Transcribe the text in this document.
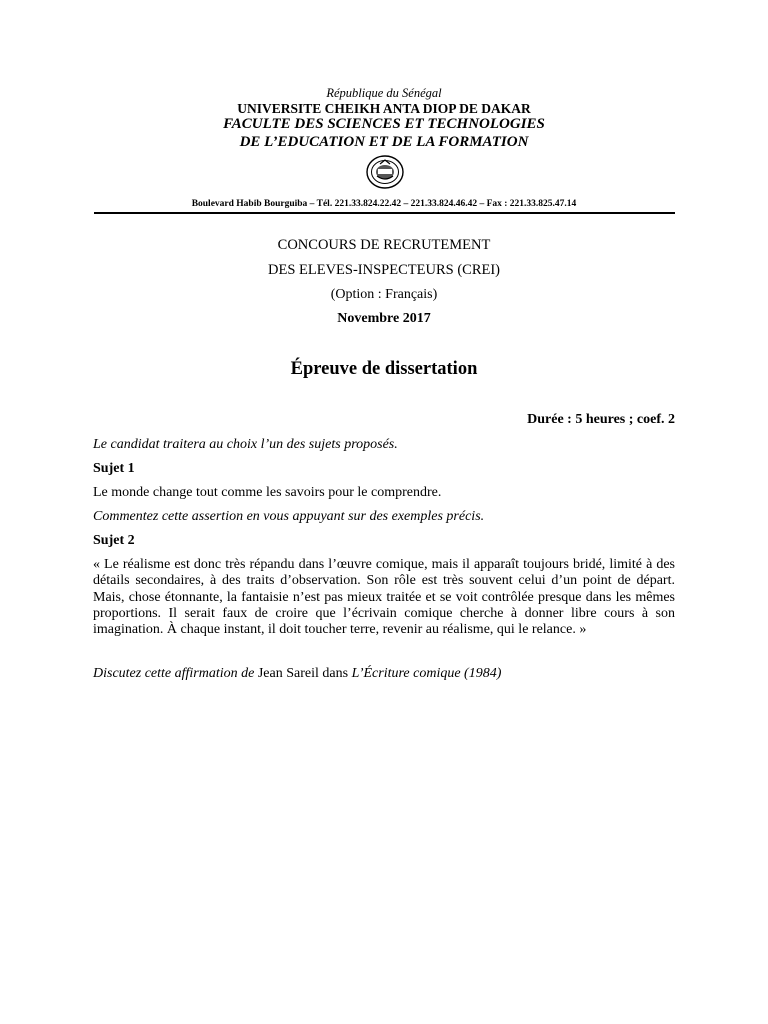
République du Sénégal
UNIVERSITE CHEIKH ANTA DIOP DE DAKAR
FACULTE DES SCIENCES ET TECHNOLOGIES
DE L’EDUCATION ET DE LA FORMATION
Boulevard Habib Bourguiba – Tél. 221.33.824.22.42 – 221.33.824.46.42 – Fax : 221.33.825.47.14
CONCOURS DE RECRUTEMENT
DES ELEVES-INSPECTEURS (CREI)
(Option : Français)
Novembre 2017
Épreuve de dissertation
Durée : 5 heures ; coef. 2
Le candidat traitera au choix l’un des sujets proposés.
Sujet 1
Le monde change tout comme les savoirs pour le comprendre.
Commentez cette assertion en vous appuyant sur des exemples précis.
Sujet 2
« Le réalisme est donc très répandu dans l’œuvre comique, mais il apparaît toujours bridé, limité à des détails secondaires, à des traits d’observation. Son rôle est très souvent celui d’un point de départ. Mais, chose étonnante, la fantaisie n’est pas mieux traitée et se voit contrôlée presque dans les mêmes proportions. Il serait faux de croire que l’écrivain comique cherche à donner libre cours à son imagination. À chaque instant, il doit toucher terre, revenir au réalisme, qui le relance. »
Discutez cette affirmation de Jean Sareil dans L’Écriture comique (1984)
